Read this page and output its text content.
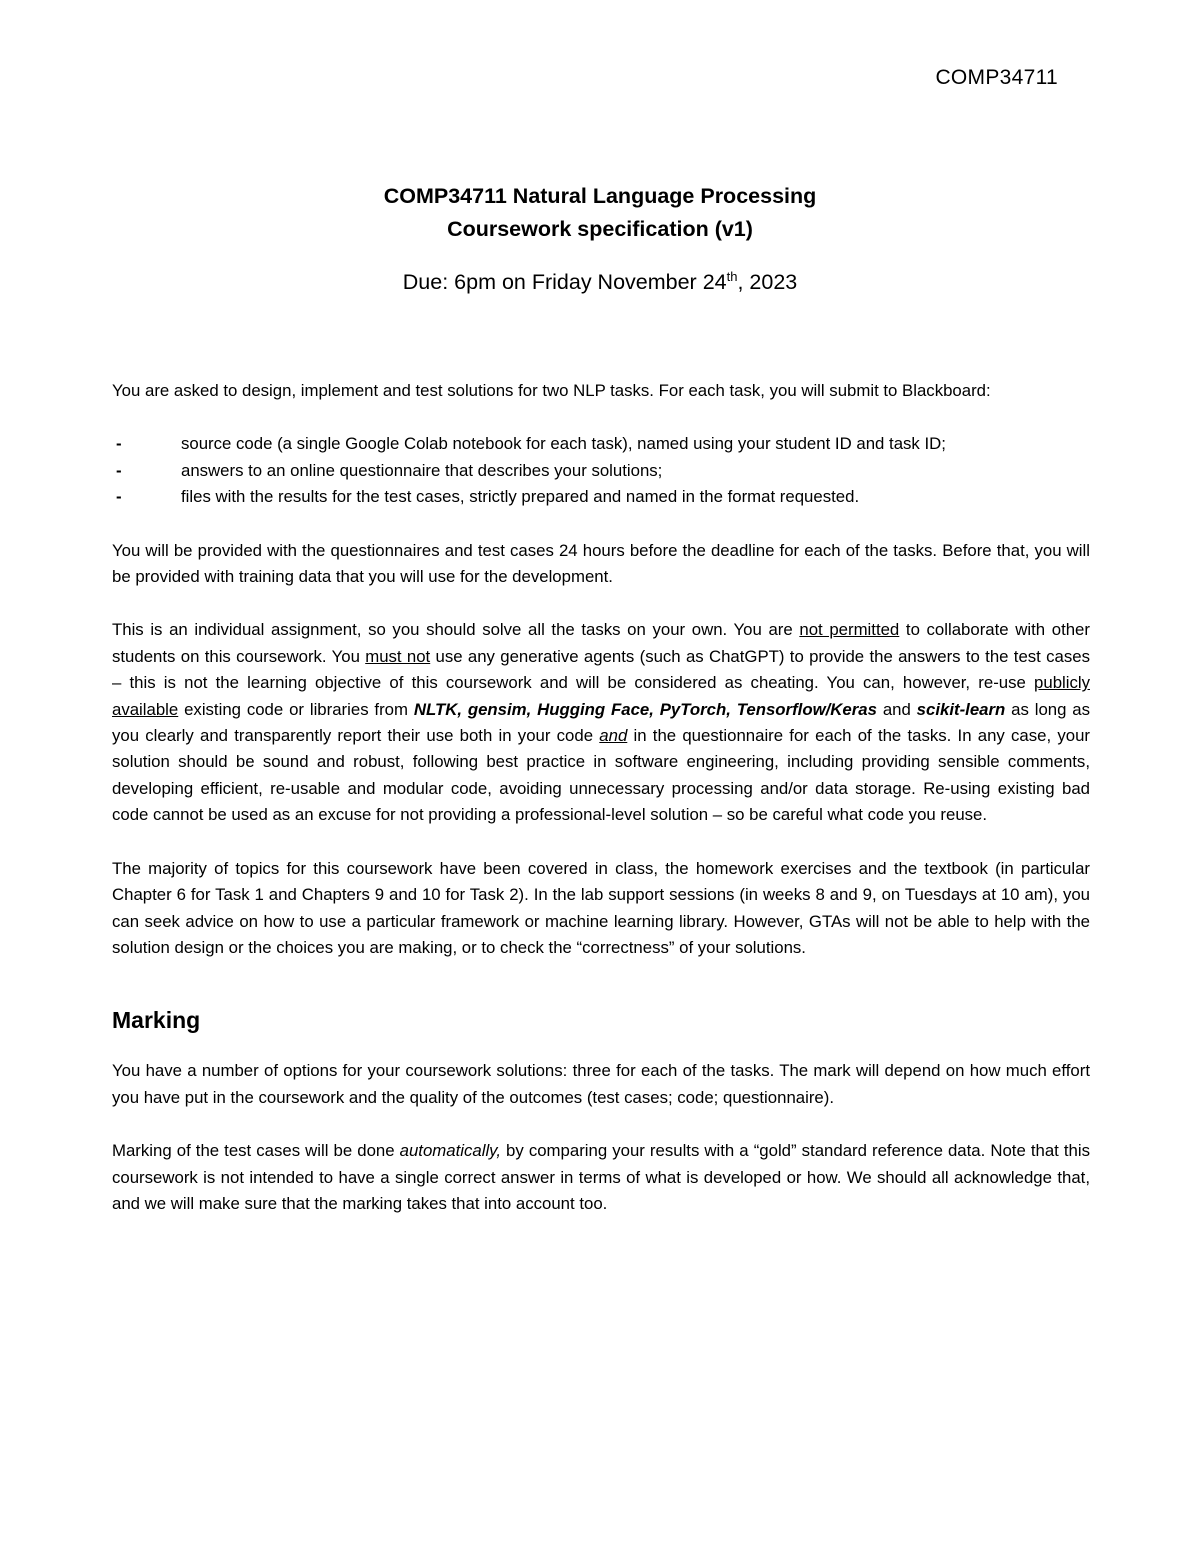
COMP34711
COMP34711 Natural Language Processing
Coursework specification (v1)
Due: 6pm on Friday November 24th, 2023

You are asked to design, implement and test solutions for two NLP tasks. For each task, you will submit to Blackboard:

-	source code (a single Google Colab notebook for each task), named using your student ID and task ID;
-	answers to an online questionnaire that describes your solutions;
-	files with the results for the test cases, strictly prepared and named in the format requested.

You will be provided with the questionnaires and test cases 24 hours before the deadline for each of the tasks. Before that, you will be provided with training data that you will use for the development.

This is an individual assignment, so you should solve all the tasks on your own. You are not permitted to collaborate with other students on this coursework. You must not use any generative agents (such as ChatGPT) to provide the answers to the test cases – this is not the learning objective of this coursework and will be considered as cheating. You can, however, re-use publicly available existing code or libraries from NLTK, gensim, Hugging Face, PyTorch, Tensorflow/Keras and scikit-learn as long as you clearly and transparently report their use both in your code and in the questionnaire for each of the tasks. In any case, your solution should be sound and robust, following best practice in software engineering, including providing sensible comments, developing efficient, re-usable and modular code, avoiding unnecessary processing and/or data storage. Re-using existing bad code cannot be used as an excuse for not providing a professional-level solution – so be careful what code you reuse.

The majority of topics for this coursework have been covered in class, the homework exercises and the textbook (in particular Chapter 6 for Task 1 and Chapters 9 and 10 for Task 2). In the lab support sessions (in weeks 8 and 9, on Tuesdays at 10 am), you can seek advice on how to use a particular framework or machine learning library. However, GTAs will not be able to help with the solution design or the choices you are making, or to check the “correctness” of your solutions.

Marking

You have a number of options for your coursework solutions: three for each of the tasks. The mark will depend on how much effort you have put in the coursework and the quality of the outcomes (test cases; code; questionnaire).

Marking of the test cases will be done automatically, by comparing your results with a “gold” standard reference data. Note that this coursework is not intended to have a single correct answer in terms of what is developed or how. We should all acknowledge that, and we will make sure that the marking takes that into account too.
